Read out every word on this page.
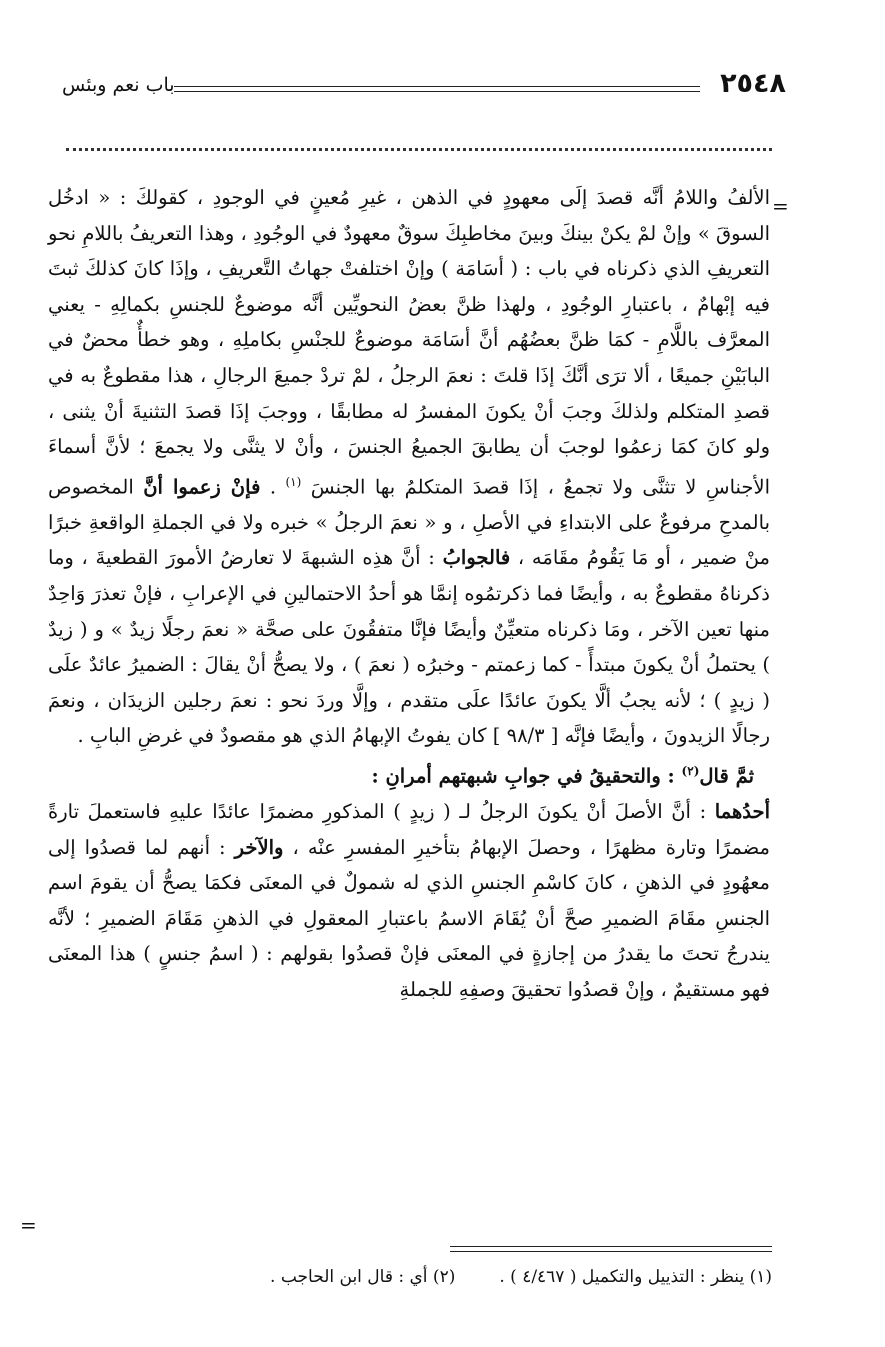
٢٥٤٨
باب نعم وبئس
=

الألفُ واللامُ أنَّه قصدَ إلَى معهودٍ في الذهن ، غيرِ مُعينٍ في الوجودِ ، كقولكَ : « ادخُل السوقَ » وإنْ لمْ يكنْ بينكَ وبينَ مخاطبِكَ سوقٌ معهودٌ في الوجُودِ ، وهذا التعريفُ باللامِ نحو التعريفِ الذي ذكرناه في باب : ( أسَامَة ) وإنْ اختلفتْ جهاتُ التَّعريفِ ، وإذَا كانَ كذلكَ ثبتَ فيه إبْهامٌ ، باعتبارِ الوجُودِ ، ولهذا ظنَّ بعضُ النحويِّين أنَّه موضوعٌ للجنسِ بكمالِهِ - يعني المعرَّف باللَّامِ - كمَا ظنَّ بعضُهُم أنَّ أسَامَة موضوعٌ للجنْسِ بكاملِهِ ، وهو خطأٌ محضٌ في البابَيْنِ جميعًا ، ألا ترَى أنَّكَ إذَا قلتَ : نعمَ الرجلُ ، لمْ تردْ جميعَ الرجالِ ، هذا مقطوعٌ به في قصدِ المتكلم ولذلكَ وجبَ أنْ يكونَ المفسرُ له مطابقًا ، ووجبَ إذَا قصدَ التثنيةَ أنْ يثنى ، ولو كانَ كمَا زعمُوا لوجبَ أن يطابقَ الجميعُ الجنسَ ، وأنْ لا يثنَّى ولا يجمعَ ؛ لأنَّ أسماءَ الأجناسِ لا تثنَّى ولا تجمعُ ، إذَا قصدَ المتكلمُ بها الجنسَ $^{(١)}$ . فإنْ زعموا أنَّ المخصوص بالمدحِ مرفوعٌ على الابتداءِ في الأصلِ ، و « نعمَ الرجلُ » خبره ولا في الجملةِ الواقعةِ خبرًا منْ ضمير ، أو مَا يَقُومُ مقَامَه ، فالجوابُ : أنَّ هذِه الشبهةَ لا تعارضُ الأمورَ القطعيةَ ، وما ذكرناهُ مقطوعٌ به ، وأيضًا فما ذكرتمُوه إنمَّا هو أحدُ الاحتمالينِ في الإعرابِ ، فإنْ تعذرَ وَاحِدٌ منها تعين الآخر ، ومَا ذكرناه متعيِّنٌ وأيضًا فإنَّا متفقُونَ على صحَّة « نعمَ رجلًا زيدٌ » و ( زيدٌ ) يحتملُ أنْ يكونَ مبتدأً - كما زعمتم - وخبرُه ( نعمَ ) ، ولا يصحُّ أنْ يقالَ : الضميرُ عائدٌ علَى ( زيدٍ ) ؛ لأنه يجبُ ألَّا يكونَ عائدًا علَى متقدم ، وإلَّا وردَ نحو : نعمَ رجلين الزيدَان ، ونعمَ رجالًا الزيدونَ ، وأيضًا فإنَّه [ ٩٨/٣ ] كان يفوتُ الإبهامُ الذي هو مقصودٌ في غرضِ البابِ .

ثمَّ قال$^{(٢)}$ : والتحقيقُ في جوابِ شبهتهم أمرانِ :

أحدُهما : أنَّ الأصلَ أنْ يكونَ الرجلُ لـ ( زيدٍ ) المذكورِ مضمرًا عائدًا عليهِ فاستعملَ تارةً مضمرًا وتارة مظهرًا ، وحصلَ الإبهامُ بتأخيرِ المفسرِ عنْه ، والآخر : أنهم لما قصدُوا إلى معهُودٍ في الذهنِ ، كانَ كاسْمِ الجنسِ الذي له شمولٌ في المعنَى فكمَا يصحُّ أن يقومَ اسم الجنسِ مقَامَ الضميرِ صحَّ أنْ يُقَامَ الاسمُ باعتبارِ المعقولِ في الذهنِ مَقَامَ الضميرِ ؛ لأنَّه يندرجُ تحتَ ما يقدرُ من إجازةٍ في المعنَى فإنْ قصدُوا بقولهم : ( اسمُ جنسٍ ) هذا المعنَى فهو مستقيمٌ ، وإنْ قصدُوا تحقيقَ وصفِهِ للجملةِ

=
(١) ينظر : التذييل والتكميل ( ٤/٤٦٧ ) .(٢) أي : قال ابن الحاجب .
